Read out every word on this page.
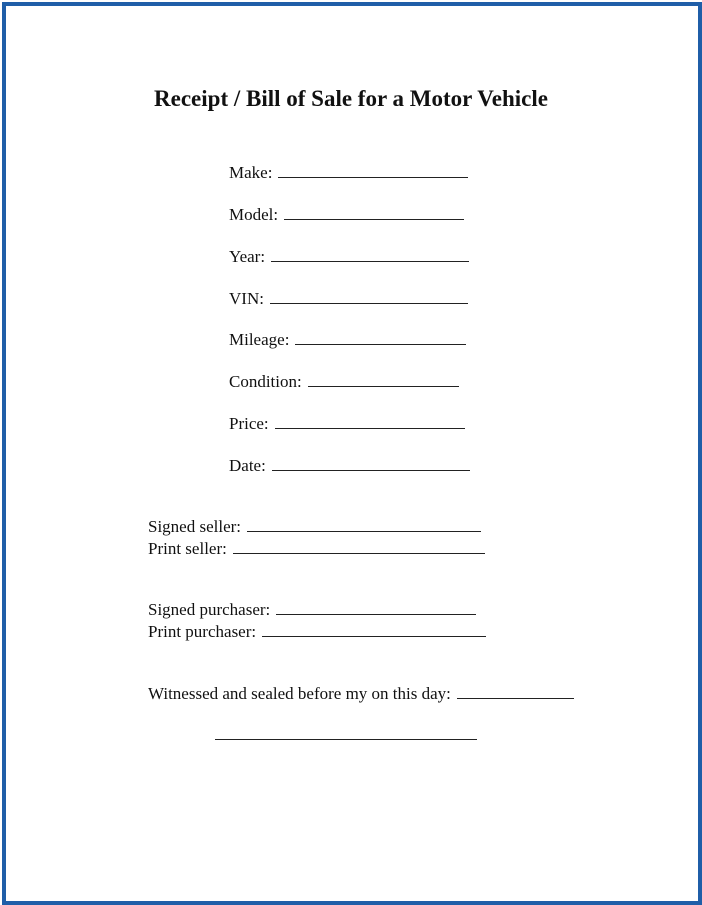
Receipt / Bill of Sale for a Motor Vehicle
Make:
Model:
Year:
VIN:
Mileage:
Condition:
Price:
Date:
Signed seller:
Print seller:
Signed purchaser:
Print purchaser:
Witnessed and sealed before my on this day:
